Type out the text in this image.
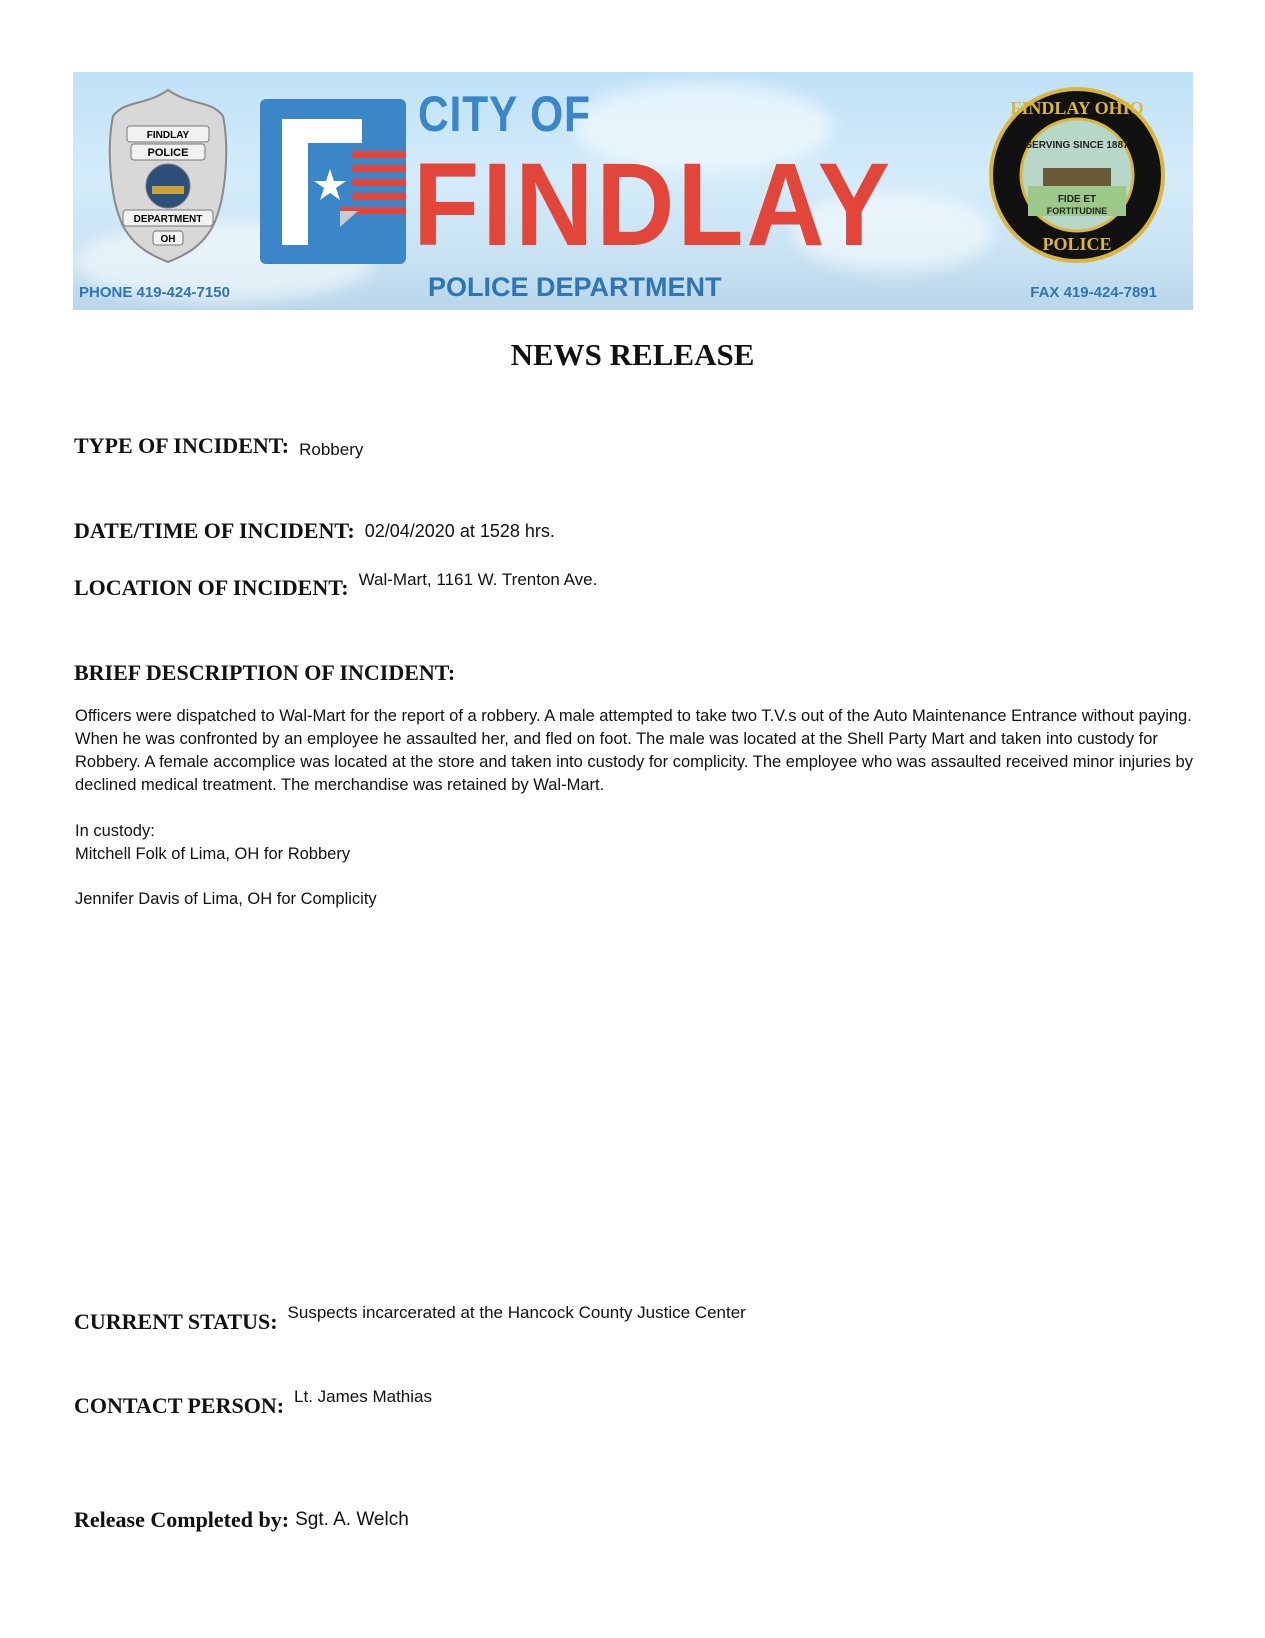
FINDLAY
POLICE
DEPARTMENT
OH
CITY OF
FINDLAY
POLICE DEPARTMENT
PHONE 419-424-7150	FAX 419-424-7891
FINDLAY OHIO
SERVING SINCE 1887
FIDE ET
FORTITUDINE
POLICE
NEWS RELEASE
TYPE OF INCIDENT: Robbery
DATE/TIME OF INCIDENT: 02/04/2020 at 1528 hrs.
LOCATION OF INCIDENT: Wal-Mart, 1161 W. Trenton Ave.
BRIEF DESCRIPTION OF INCIDENT:

Officers were dispatched to Wal-Mart for the report of a robbery. A male attempted to take two T.V.s out of the Auto Maintenance Entrance without paying. When he was confronted by an employee he assaulted her, and fled on foot. The male was located at the Shell Party Mart and taken into custody for Robbery. A female accomplice was located at the store and taken into custody for complicity. The employee who was assaulted received minor injuries by declined medical treatment. The merchandise was retained by Wal-Mart.

In custody:

Mitchell Folk of Lima, OH for Robbery

Jennifer Davis of Lima, OH for Complicity

CURRENT STATUS: Suspects incarcerated at the Hancock County Justice Center
CONTACT PERSON: Lt. James Mathias
Release Completed by: Sgt. A. Welch
